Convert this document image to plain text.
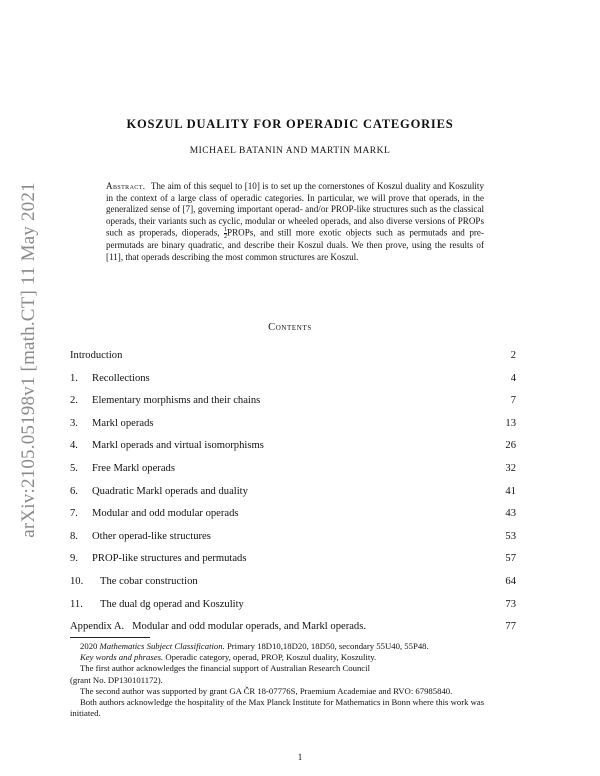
arXiv:2105.05198v1 [math.CT] 11 May 2021
KOSZUL DUALITY FOR OPERADIC CATEGORIES
MICHAEL BATANIN AND MARTIN MARKL
Abstract. The aim of this sequel to [10] is to set up the cornerstones of Koszul duality and Koszulity in the context of a large class of operadic categories. In particular, we will prove that operads, in the generalized sense of [7], governing important operad- and/or PROP-like structures such as the classical operads, their variants such as cyclic, modular or wheeled operads, and also diverse versions of PROPs such as properads, dioperads, $\frac{1}{2}$ PROPs, and still more exotic objects such as permutads and pre-permutads are binary quadratic, and describe their Koszul duals. We then prove, using the results of [11], that operads describing the most common structures are Koszul.
Contents
Introduction	2
1. Recollections	4
2. Elementary morphisms and their chains	7
3. Markl operads	13
4. Markl operads and virtual isomorphisms	26
5. Free Markl operads	32
6. Quadratic Markl operads and duality	41
7. Modular and odd modular operads	43
8. Other operad-like structures	53
9. PROP-like structures and permutads	57
10. The cobar construction	64
11. The dual dg operad and Koszulity	73
Appendix A. Modular and odd modular operads, and Markl operads.	77

2020 Mathematics Subject Classification. Primary 18D10,18D20, 18D50, secondary 55U40, 55P48.

Key words and phrases. Operadic category, operad, PROP, Koszul duality, Koszulity.

The first author acknowledges the financial support of Australian Research Council

(grant No. DP130101172).

The second author was supported by grant GA ČR 18-07776S, Praemium Academiae and RVO: 67985840.

Both authors acknowledge the hospitality of the Max Planck Institute for Mathematics in Bonn where this work was initiated.

1
